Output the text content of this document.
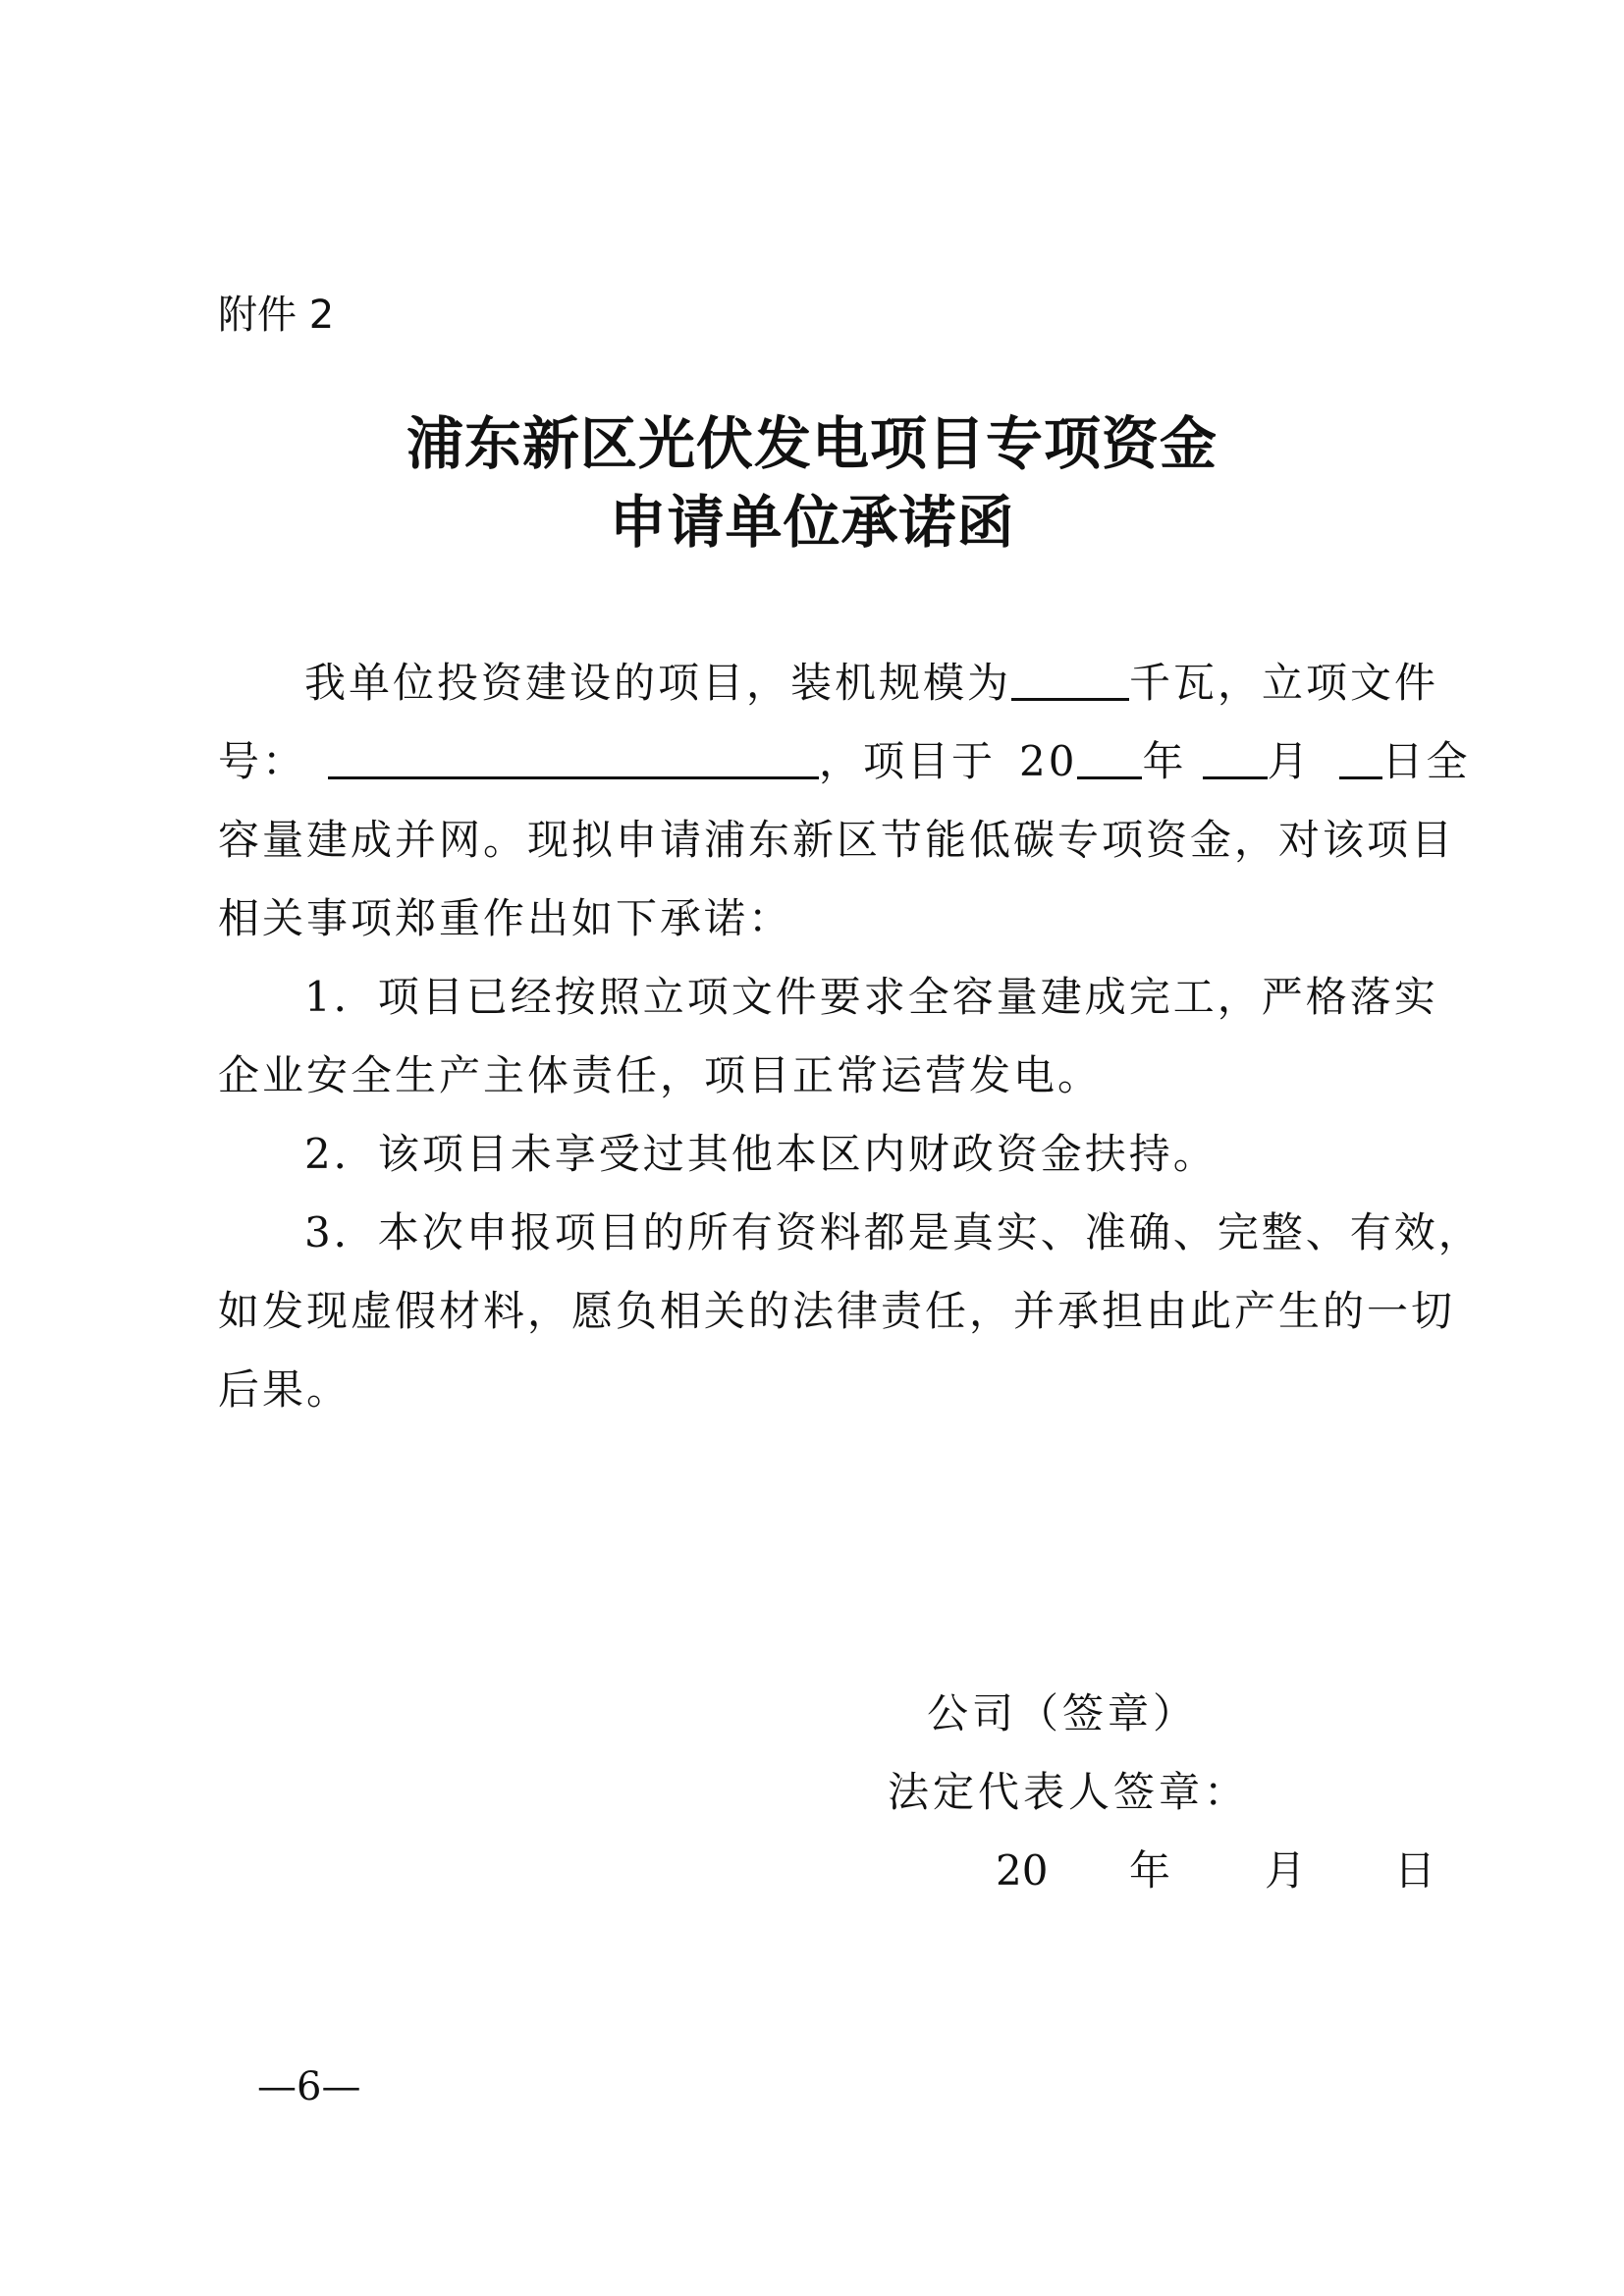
附件 2
浦东新区光伏发电项目专项资金
申请单位承诺函
我单位投资建设的项目，装机规模为	千瓦，立项文件
号：	，项目于 20 年 月 日全
容量建成并网。现拟申请浦东新区节能低碳专项资金，对该项目
相关事项郑重作出如下承诺：
1．项目已经按照立项文件要求全容量建成完工，严格落实
企业安全生产主体责任，项目正常运营发电。
2．该项目未享受过其他本区内财政资金扶持。
3．本次申报项目的所有资料都是真实、准确、完整、有效，
如发现虚假材料，愿负相关的法律责任，并承担由此产生的一切
后果。
公司（签章）
法定代表人签章：
20 年 月 日
—6—
